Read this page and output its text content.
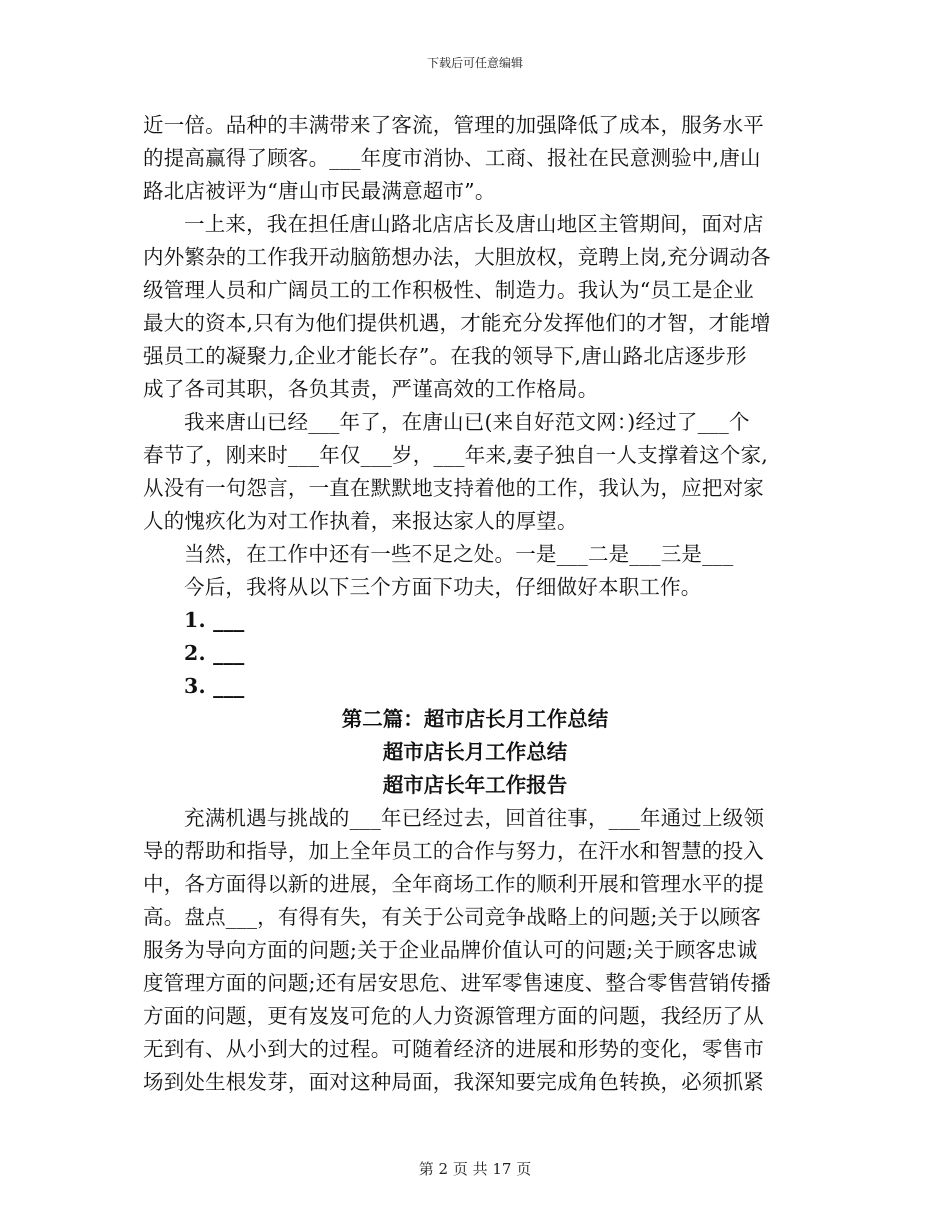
下载后可任意编辑
近一倍。品种的丰满带来了客流，管理的加强降低了成本，服务水平
的提高赢得了顾客。___年度市消协、工商、报社在民意测验中,唐山
路北店被评为“唐山市民最满意超市”。
一上来，我在担任唐山路北店店长及唐山地区主管期间，面对店
内外繁杂的工作我开动脑筋想办法，大胆放权，竞聘上岗,充分调动各
级管理人员和广阔员工的工作积极性、制造力。我认为“员工是企业
最大的资本,只有为他们提供机遇，才能充分发挥他们的才智，才能增
强员工的凝聚力,企业才能长存”。在我的领导下,唐山路北店逐步形
成了各司其职，各负其责，严谨高效的工作格局。
我来唐山已经___年了，在唐山已(来自好范文网：)经过了___个
春节了，刚来时___年仅___岁，___年来,妻子独自一人支撑着这个家,
从没有一句怨言，一直在默默地支持着他的工作，我认为，应把对家
人的愧疚化为对工作执着，来报达家人的厚望。
当然，在工作中还有一些不足之处。一是___二是___三是___
今后，我将从以下三个方面下功夫，仔细做好本职工作。
1. ___
2. ___
3. ___
第二篇：超市店长月工作总结
超市店长月工作总结
超市店长年工作报告
充满机遇与挑战的___年已经过去，回首往事，___年通过上级领
导的帮助和指导，加上全年员工的合作与努力，在汗水和智慧的投入
中，各方面得以新的进展，全年商场工作的顺利开展和管理水平的提
高。盘点___，有得有失，有关于公司竞争战略上的问题;关于以顾客
服务为导向方面的问题;关于企业品牌价值认可的问题;关于顾客忠诚
度管理方面的问题;还有居安思危、进军零售速度、整合零售营销传播
方面的问题，更有岌岌可危的人力资源管理方面的问题，我经历了从
无到有、从小到大的过程。可随着经济的进展和形势的变化，零售市
场到处生根发芽，面对这种局面，我深知要完成角色转换，必须抓紧
第 2 页 共 17 页
